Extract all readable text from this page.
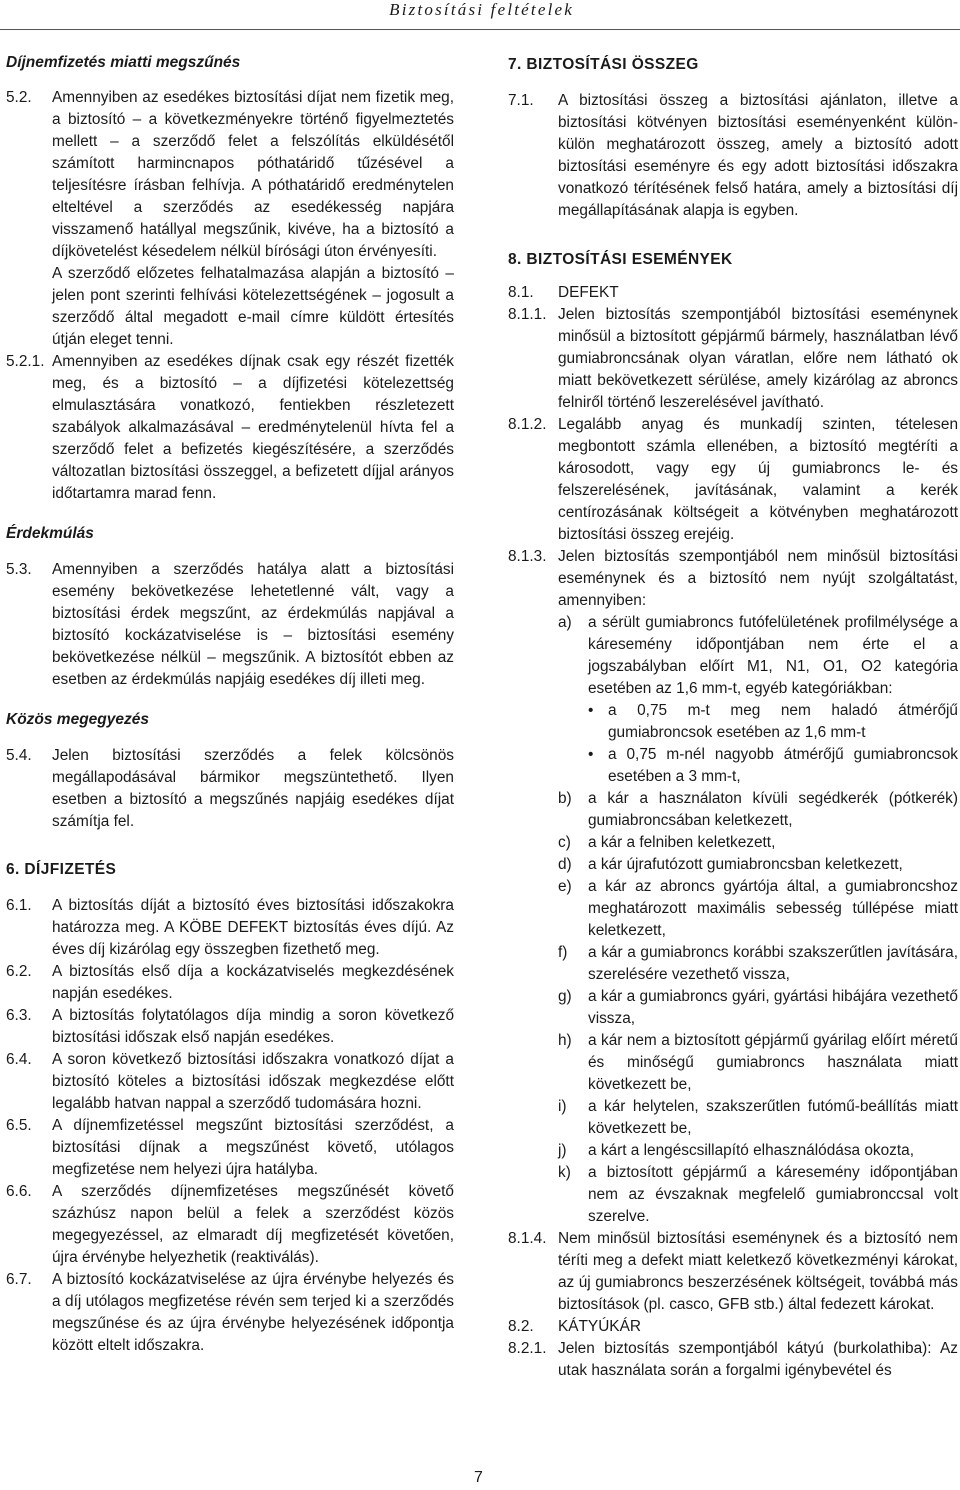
Biztosítási feltételek

Díjnemfizetés miatti megszűnés

5.2.	Amennyiben az esedékes biztosítási díjat nem fizetik meg, a biztosító – a következményekre történő figyelmeztetés mellett – a szerződő felet a felszólítás elküldésétől számított harmincnapos póthatáridő tűzésével a teljesítésre írásban felhívja. A póthatáridő eredménytelen elteltével a szerződés az esedékesség napjára visszamenő hatállyal megszűnik, kivéve, ha a biztosító a díjkövetelést késedelem nélkül bírósági úton érvényesíti.

A szerződő előzetes felhatalmazása alapján a biztosító – jelen pont szerinti felhívási kötelezettségének – jogosult a szerződő által megadott e-mail címre küldött értesítés útján eleget tenni.

5.2.1. Amennyiben az esedékes díjnak csak egy részét fizették meg, és a biztosító – a díjfizetési kötelezettség elmulasztására vonatkozó, fentiekben részletezett szabályok alkalmazásával – eredménytelenül hívta fel a szerződő felet a befizetés kiegészítésére, a szerződés változatlan biztosítási összeggel, a befizetett díjjal arányos időtartamra marad fenn.

Érdekmúlás

5.3.	Amennyiben a szerződés hatálya alatt a biztosítási esemény bekövetkezése lehetetlenné vált, vagy a biztosítási érdek megszűnt, az érdekmúlás napjával a biztosító kockázatviselése is – biztosítási esemény bekövetkezése nélkül – megszűnik. A biztosítót ebben az esetben az érdekmúlás napjáig esedékes díj illeti meg.

Közös megegyezés

5.4.	Jelen biztosítási szerződés a felek kölcsönös megállapodásával bármikor megszüntethető. Ilyen esetben a biztosító a megszűnés napjáig esedékes díjat számítja fel.

6. DÍJFIZETÉS

6.1.	A biztosítás díját a biztosító éves biztosítási időszakokra határozza meg. A KÖBE DEFEKT biztosítás éves díjú. Az éves díj kizárólag egy összegben fizethető meg.
6.2.	A biztosítás első díja a kockázatviselés megkezdésének napján esedékes.
6.3.	A biztosítás folytatólagos díja mindig a soron következő biztosítási időszak első napján esedékes.
6.4.	A soron következő biztosítási időszakra vonatkozó díjat a biztosító köteles a biztosítási időszak megkezdése előtt legalább hatvan nappal a szerződő tudomására hozni.
6.5.	A díjnemfizetéssel megszűnt biztosítási szerződést, a biztosítási díjnak a megszűnést követő, utólagos megfizetése nem helyezi újra hatályba.
6.6.	A szerződés díjnemfizetéses megszűnését követő százhúsz napon belül a felek a szerződést közös megegyezéssel, az elmaradt díj megfizetését követően, újra érvénybe helyezhetik (reaktiválás).
6.7.	A biztosító kockázatviselése az újra érvénybe helyezés és a díj utólagos megfizetése révén sem terjed ki a szerződés megszűnése és az újra érvénybe helyezésének időpontja között eltelt időszakra.

7. BIZTOSÍTÁSI ÖSSZEG

7.1.	A biztosítási összeg a biztosítási ajánlaton, illetve a biztosítási kötvényen biztosítási eseményenként külön-külön meghatározott összeg, amely a biztosító adott biztosítási eseményre és egy adott biztosítási időszakra vonatkozó térítésének felső határa, amely a biztosítási díj megállapításának alapja is egyben.

8. BIZTOSÍTÁSI ESEMÉNYEK

8.1.	DEFEKT
8.1.1. Jelen biztosítás szempontjából biztosítási eseménynek minősül a biztosított gépjármű bármely, használatban lévő gumiabroncsának olyan váratlan, előre nem látható ok miatt bekövetkezett sérülése, amely kizárólag az abroncs felniről történő leszerelésével javítható.
8.1.2. Legalább anyag és munkadíj szinten, tételesen megbontott számla ellenében, a biztosító megtéríti a károsodott, vagy egy új gumiabroncs le- és felszerelésének, javításának, valamint a kerék centírozásának költségeit a kötvényben meghatározott biztosítási összeg erejéig.
8.1.3. Jelen biztosítás szempontjából nem minősül biztosítási eseménynek és a biztosító nem nyújt szolgáltatást, amennyiben:
a)	a sérült gumiabroncs futófelületének profilmélysége a káresemény időpontjában nem érte el a jogszabályban előírt M1, N1, O1, O2 kategória esetében az 1,6 mm-t, egyéb kategóriákban:
• a 0,75 m-t meg nem haladó átmérőjű gumiabroncsok esetében az 1,6 mm-t
• a 0,75 m-nél nagyobb átmérőjű gumiabroncsok esetében a 3 mm-t,
b)	a kár a használaton kívüli segédkerék (pótkerék) gumiabroncsában keletkezett,
c)	a kár a felniben keletkezett,
d)	a kár újrafutózott gumiabroncsban keletkezett,
e)	a kár az abroncs gyártója által, a gumiabroncshoz meghatározott maximális sebesség túllépése miatt keletkezett,
f)	a kár a gumiabroncs korábbi szakszerűtlen javítására, szerelésére vezethető vissza,
g)	a kár a gumiabroncs gyári, gyártási hibájára vezethető vissza,
h)	a kár nem a biztosított gépjármű gyárilag előírt méretű és minőségű gumiabroncs használata miatt következett be,
i)	a kár helytelen, szakszerűtlen futómű-beállítás miatt következett be,
j)	a kárt a lengéscsillapító elhasználódása okozta,
k)	a biztosított gépjármű a káresemény időpontjában nem az évszaknak megfelelő gumiabronccsal volt szerelve.
8.1.4. Nem minősül biztosítási eseménynek és a biztosító nem téríti meg a defekt miatt keletkező következményi károkat, az új gumiabroncs beszerzésének költségeit, továbbá más biztosítások (pl. casco, GFB stb.) által fedezett károkat.
8.2.	KÁTYÚKÁR
8.2.1. Jelen biztosítás szempontjából kátyú (burkolathiba): Az utak használata során a forgalmi igénybevétel és
7
